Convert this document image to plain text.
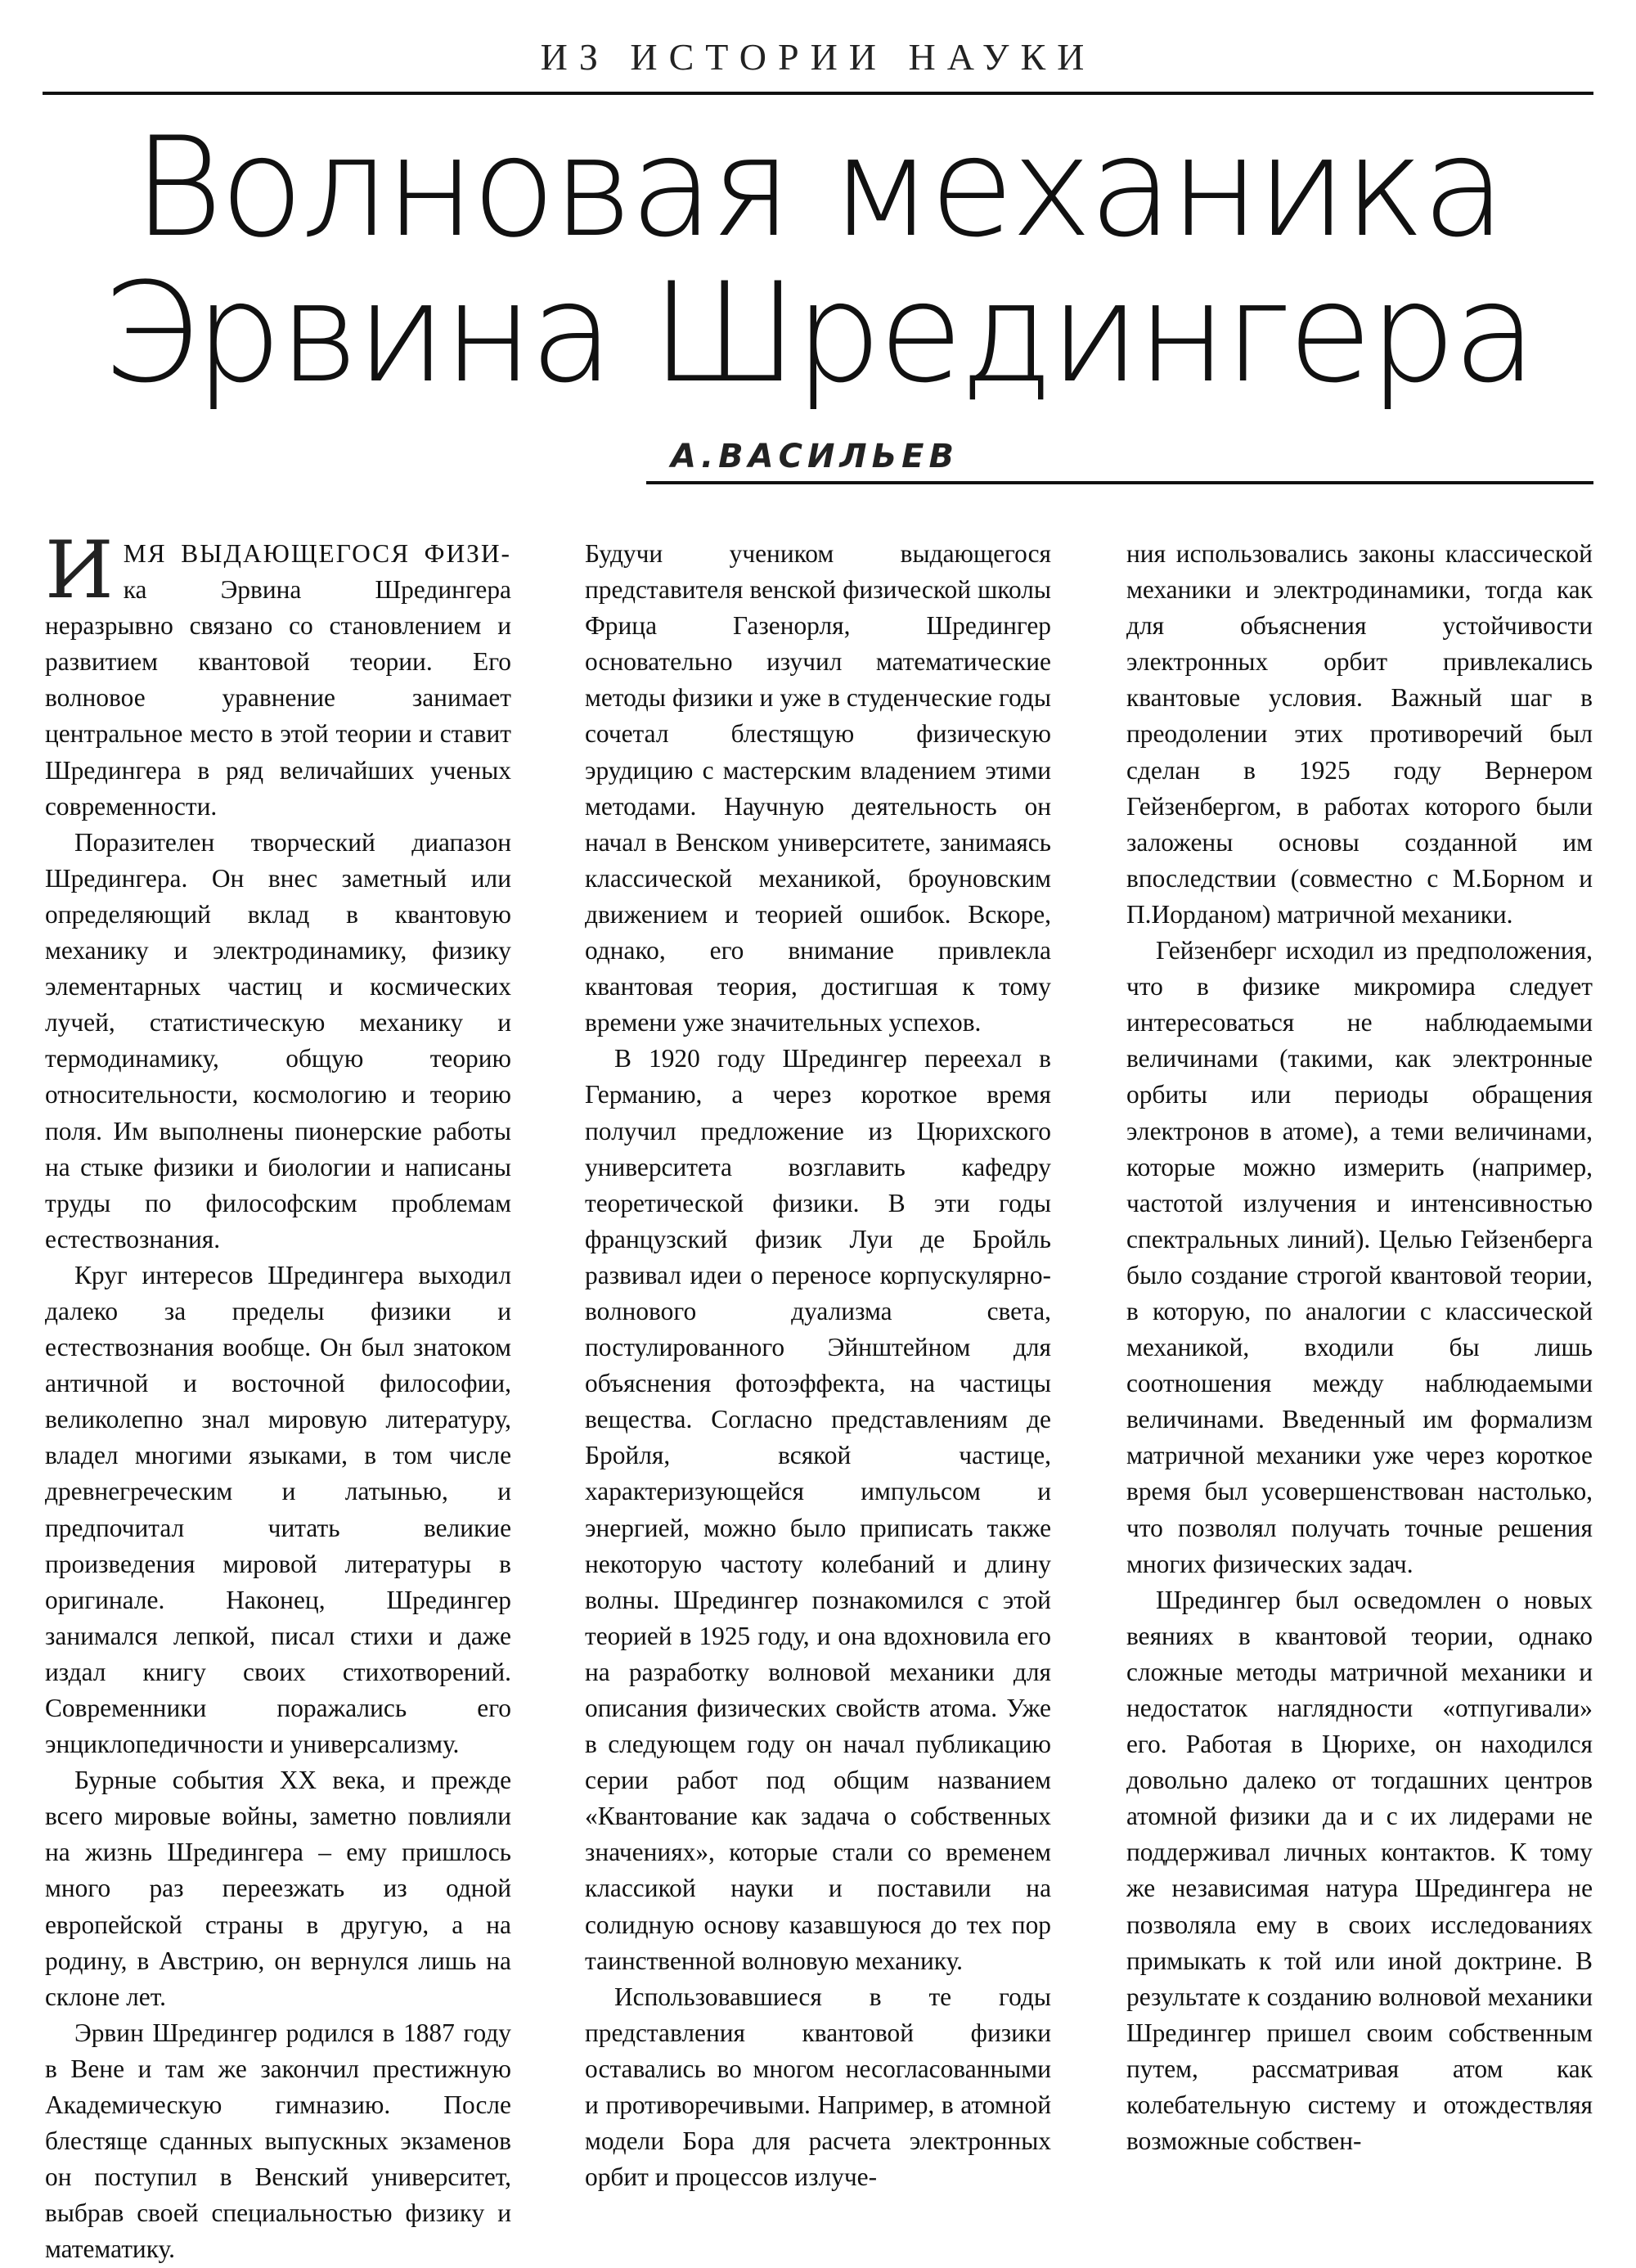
ИЗ ИСТОРИИ НАУКИ
Волновая механика
Эрвина Шредингера
А.ВАСИЛЬЕВ

ИМЯ ВЫДАЮЩЕГОСЯ ФИЗИ-ка Эрвина Шредингера неразрывно связано со становлением и развитием квантовой теории. Его волновое уравнение занимает центральное место в этой теории и ставит Шредингера в ряд величайших ученых современности.

Поразителен творческий диапазон Шредингера. Он внес заметный или определяющий вклад в квантовую механику и электродинамику, физику элементарных частиц и космических лучей, статистическую механику и термодинамику, общую теорию относительности, космологию и теорию поля. Им выполнены пионерские работы на стыке физики и биологии и написаны труды по философским проблемам естествознания.

Круг интересов Шредингера выходил далеко за пределы физики и естествознания вообще. Он был знатоком античной и восточной философии, великолепно знал мировую литературу, владел многими языками, в том числе древнегреческим и латынью, и предпочитал читать великие произведения мировой литературы в оригинале. Наконец, Шредингер занимался лепкой, писал стихи и даже издал книгу своих стихотворений. Современники поражались его энциклопедичности и универсализму.

Бурные события XX века, и прежде всего мировые войны, заметно повлияли на жизнь Шредингера – ему пришлось много раз переезжать из одной европейской страны в другую, а на родину, в Австрию, он вернулся лишь на склоне лет.

Эрвин Шредингер родился в 1887 году в Вене и там же закончил престижную Академическую гимназию. После блестяще сданных выпускных экзаменов он поступил в Венский университет, выбрав своей специальностью физику и математику.

Будучи учеником выдающегося представителя венской физической школы Фрица Газенорля, Шредингер основательно изучил математические методы физики и уже в студенческие годы сочетал блестящую физическую эрудицию с мастерским владением этими методами. Научную деятельность он начал в Венском университете, занимаясь классической механикой, броуновским движением и теорией ошибок. Вскоре, однако, его внимание привлекла квантовая теория, достигшая к тому времени уже значительных успехов.

В 1920 году Шредингер переехал в Германию, а через короткое время получил предложение из Цюрихского университета возглавить кафедру теоретической физики. В эти годы французский физик Луи де Бройль развивал идеи о переносе корпускулярно-волнового дуализма света, постулированного Эйнштейном для объяснения фотоэффекта, на частицы вещества. Согласно представлениям де Бройля, всякой частице, характеризующейся импульсом и энергией, можно было приписать также некоторую частоту колебаний и длину волны. Шредингер познакомился с этой теорией в 1925 году, и она вдохновила его на разработку волновой механики для описания физических свойств атома. Уже в следующем году он начал публикацию серии работ под общим названием «Квантование как задача о собственных значениях», которые стали со временем классикой науки и поставили на солидную основу казавшуюся до тех пор таинственной волновую механику.

Использовавшиеся в те годы представления квантовой физики оставались во многом несогласованными и противоречивыми. Например, в атомной модели Бора для расчета электронных орбит и процессов излуче-

ния использовались законы классической механики и электродинамики, тогда как для объяснения устойчивости электронных орбит привлекались квантовые условия. Важный шаг в преодолении этих противоречий был сделан в 1925 году Вернером Гейзенбергом, в работах которого были заложены основы созданной им впоследствии (совместно с М.Борном и П.Иорданом) матричной механики.

Гейзенберг исходил из предположения, что в физике микромира следует интересоваться не наблюдаемыми величинами (такими, как электронные орбиты или периоды обращения электронов в атоме), а теми величинами, которые можно измерить (например, частотой излучения и интенсивностью спектральных линий). Целью Гейзенберга было создание строгой квантовой теории, в которую, по аналогии с классической механикой, входили бы лишь соотношения между наблюдаемыми величинами. Введенный им формализм матричной механики уже через короткое время был усовершенствован настолько, что позволял получать точные решения многих физических задач.

Шредингер был осведомлен о новых веяниях в квантовой теории, однако сложные методы матричной механики и недостаток наглядности «отпугивали» его. Работая в Цюрихе, он находился довольно далеко от тогдашних центров атомной физики да и с их лидерами не поддерживал личных контактов. К тому же независимая натура Шредингера не позволяла ему в своих исследованиях примыкать к той или иной доктрине. В результате к созданию волновой механики Шредингер пришел своим собственным путем, рассматривая атом как колебательную систему и отождествляя возможные собствен-
